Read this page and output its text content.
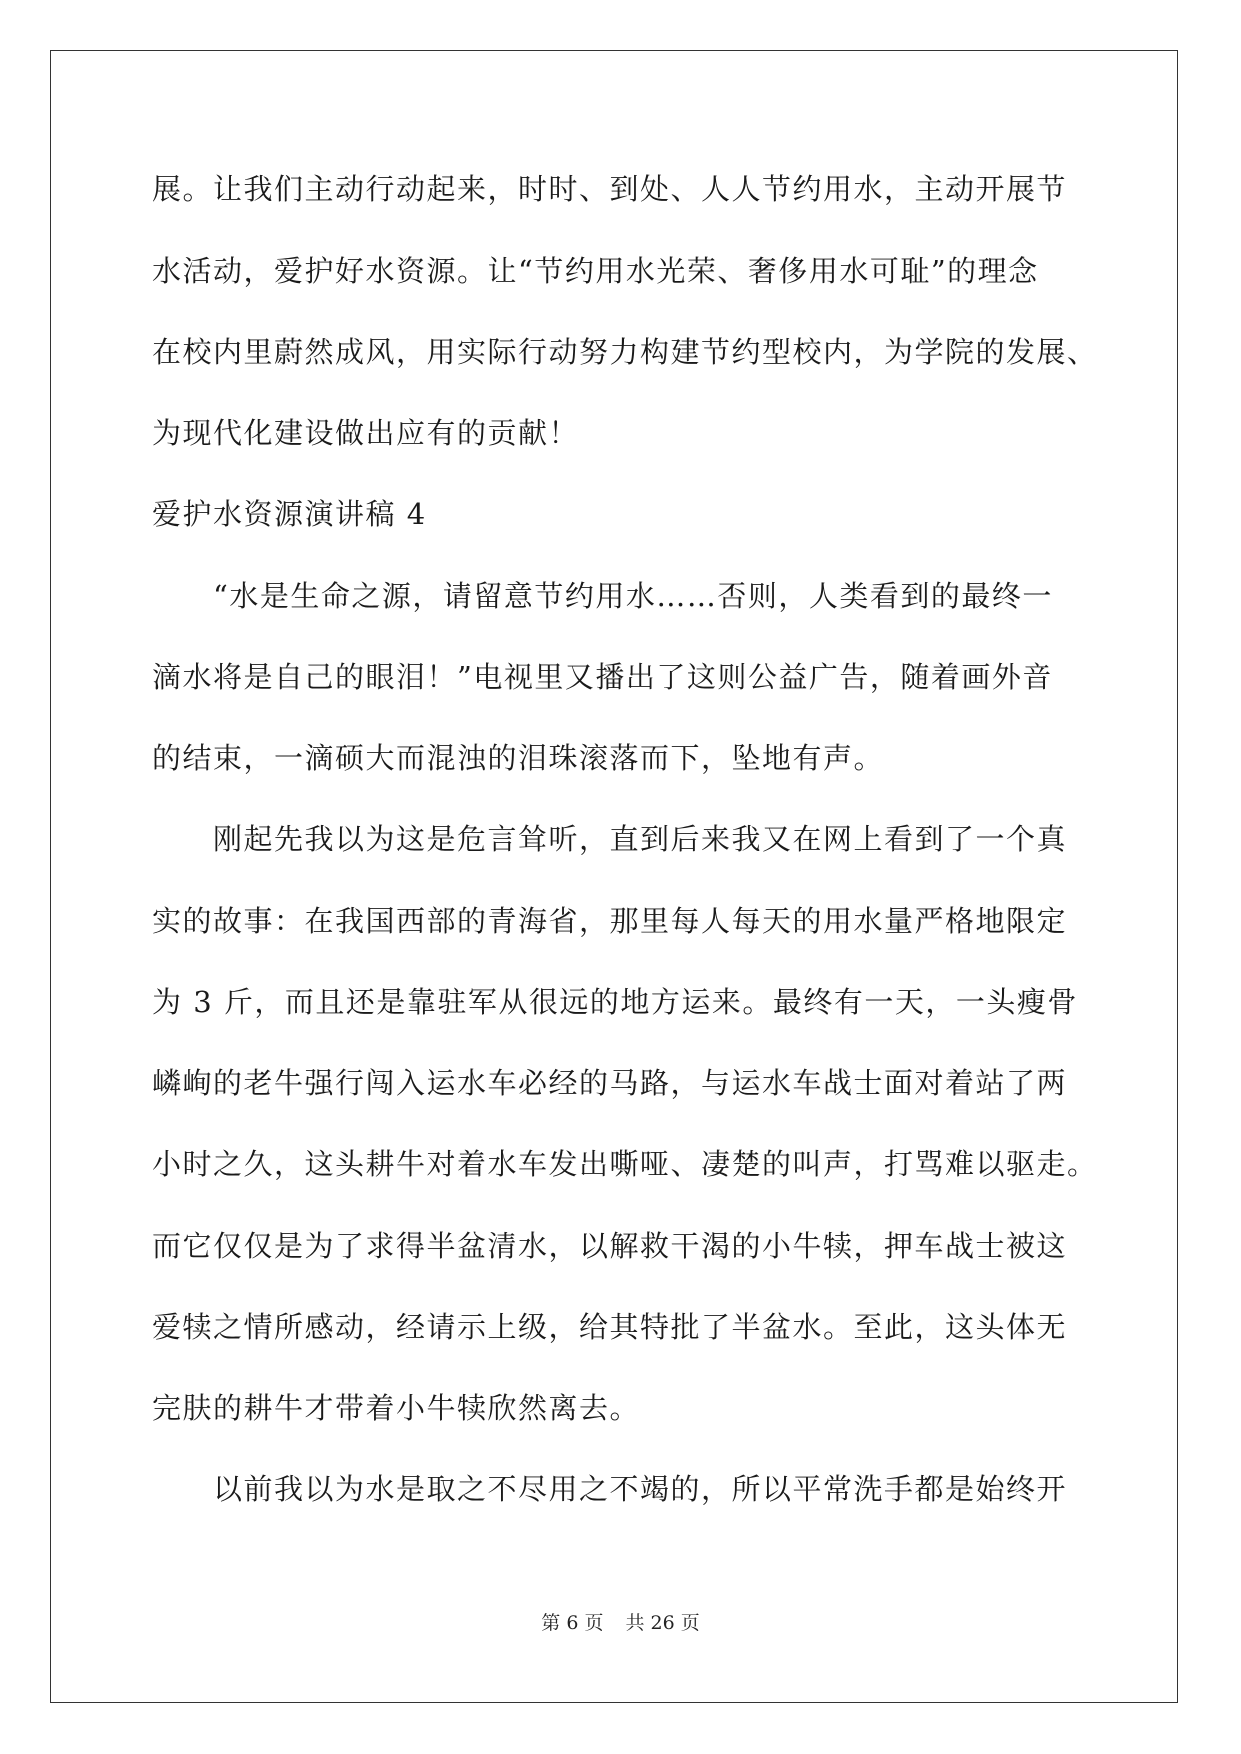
展。让我们主动行动起来，时时、到处、人人节约用水，主动开展节
水活动，爱护好水资源。让“节约用水光荣、奢侈用水可耻”的理念
在校内里蔚然成风，用实际行动努力构建节约型校内，为学院的发展、
为现代化建设做出应有的贡献！
爱护水资源演讲稿 4
　　“水是生命之源，请留意节约用水……否则，人类看到的最终一
滴水将是自己的眼泪！”电视里又播出了这则公益广告，随着画外音
的结束，一滴硕大而混浊的泪珠滚落而下，坠地有声。
　　刚起先我以为这是危言耸听，直到后来我又在网上看到了一个真
实的故事：在我国西部的青海省，那里每人每天的用水量严格地限定
为 3 斤，而且还是靠驻军从很远的地方运来。最终有一天，一头瘦骨
嶙峋的老牛强行闯入运水车必经的马路，与运水车战士面对着站了两
小时之久，这头耕牛对着水车发出嘶哑、凄楚的叫声，打骂难以驱走。
而它仅仅是为了求得半盆清水，以解救干渴的小牛犊，押车战士被这
爱犊之情所感动，经请示上级，给其特批了半盆水。至此，这头体无
完肤的耕牛才带着小牛犊欣然离去。
　　以前我以为水是取之不尽用之不竭的，所以平常洗手都是始终开
第 6 页 共 26 页
